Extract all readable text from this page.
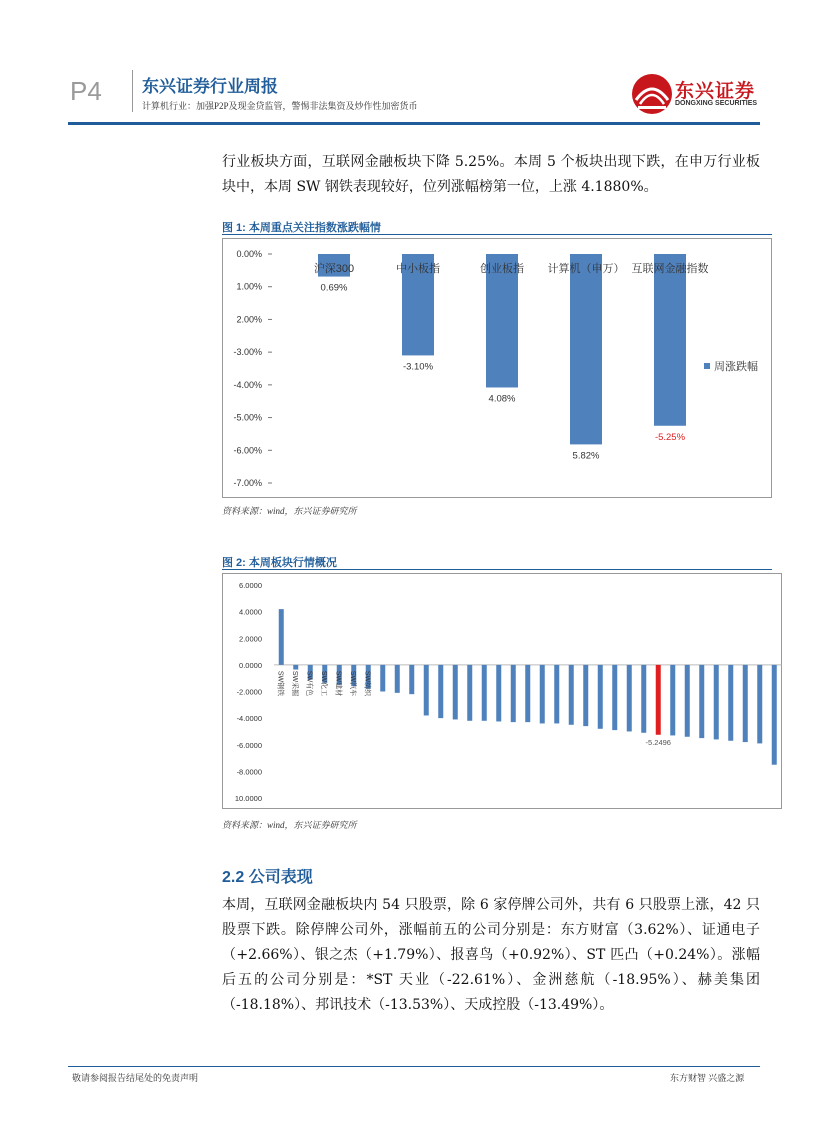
P4 东兴证券行业周报
计算机行业：加强P2P及现金贷监管，警惕非法集资及炒作性加密货币
东兴证券
DONGXING SECURITIES
行业板块方面，互联网金融板块下降 5.25%。本周 5 个板块出现下跌，在申万行业板块中，本周 SW 钢铁表现较好，位列涨幅榜第一位，上涨 4.1880%。
图 1: 本周重点关注指数涨跌幅情
0.00%
1.00%
2.00%
-3.00%
-4.00%
-5.00%
-6.00%
-7.00%
沪深300
0.69%
中小板指
-3.10%
创业板指
4.08%
计算机（申万）
5.82%
互联网金融指数
-5.25%
周涨跌幅
资料来源：wind，东兴证券研究所
图 2: 本周板块行情概况
6.0000
4.0000
2.0000
0.0000
-2.0000
-4.0000
-6.0000
-8.0000
10.0000
SW钢铁 SW采掘 SW有色 SW化工 SW建材 SW汽车 SW纺织
-5.2496
资料来源：wind，东兴证券研究所
2.2 公司表现
本周，互联网金融板块内 54 只股票，除 6 家停牌公司外，共有 6 只股票上涨，42 只股票下跌。除停牌公司外，涨幅前五的公司分别是：东方财富（3.62%）、证通电子（+2.66%）、银之杰（+1.79%）、报喜鸟（+0.92%）、ST 匹凸（+0.24%）。涨幅后五的公司分别是：*ST 天业（-22.61%）、金洲慈航（-18.95%）、赫美集团（-18.18%）、邦讯技术（-13.53%）、天成控股（-13.49%）。
敬请参阅报告结尾处的免责声明	东方财智 兴盛之源
